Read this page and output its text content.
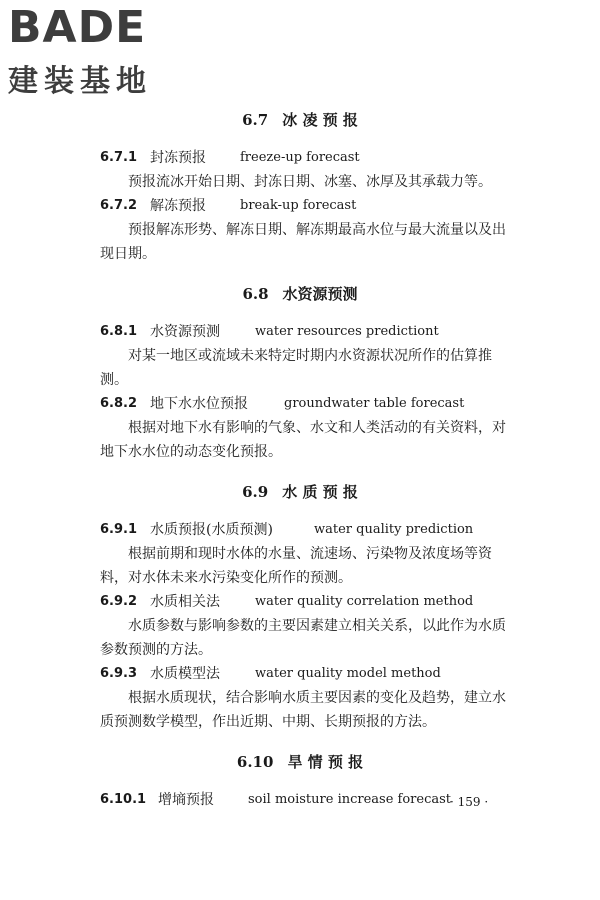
BADE
建装基地
6.7 冰 凌 预 报
6.7.1 封冻预报	freeze-up forecast

预报流冰开始日期、封冻日期、冰塞、冰厚及其承载力等。

6.7.2 解冻预报	break-up forecast

预报解冻形势、解冻日期、解冻期最高水位与最大流量以及出现日期。

6.8 水资源预测
6.8.1 水资源预测	water resources predictiont

对某一地区或流域未来特定时期内水资源状况所作的估算推测。

6.8.2 地下水水位预报	groundwater table forecast

根据对地下水有影响的气象、水文和人类活动的有关资料，对地下水水位的动态变化预报。

6.9 水 质 预 报
6.9.1 水质预报(水质预测)	water quality prediction

根据前期和现时水体的水量、流速场、污染物及浓度场等资料，对水体未来水污染变化所作的预测。

6.9.2 水质相关法	water quality correlation method

水质参数与影响参数的主要因素建立相关关系，以此作为水质参数预测的方法。

6.9.3 水质模型法	water quality model method

根据水质现状，结合影响水质主要因素的变化及趋势，建立水质预测数学模型，作出近期、中期、长期预报的方法。

6.10 旱 情 预 报
6.10.1 增墒预报	soil moisture increase forecast
· 159 ·
